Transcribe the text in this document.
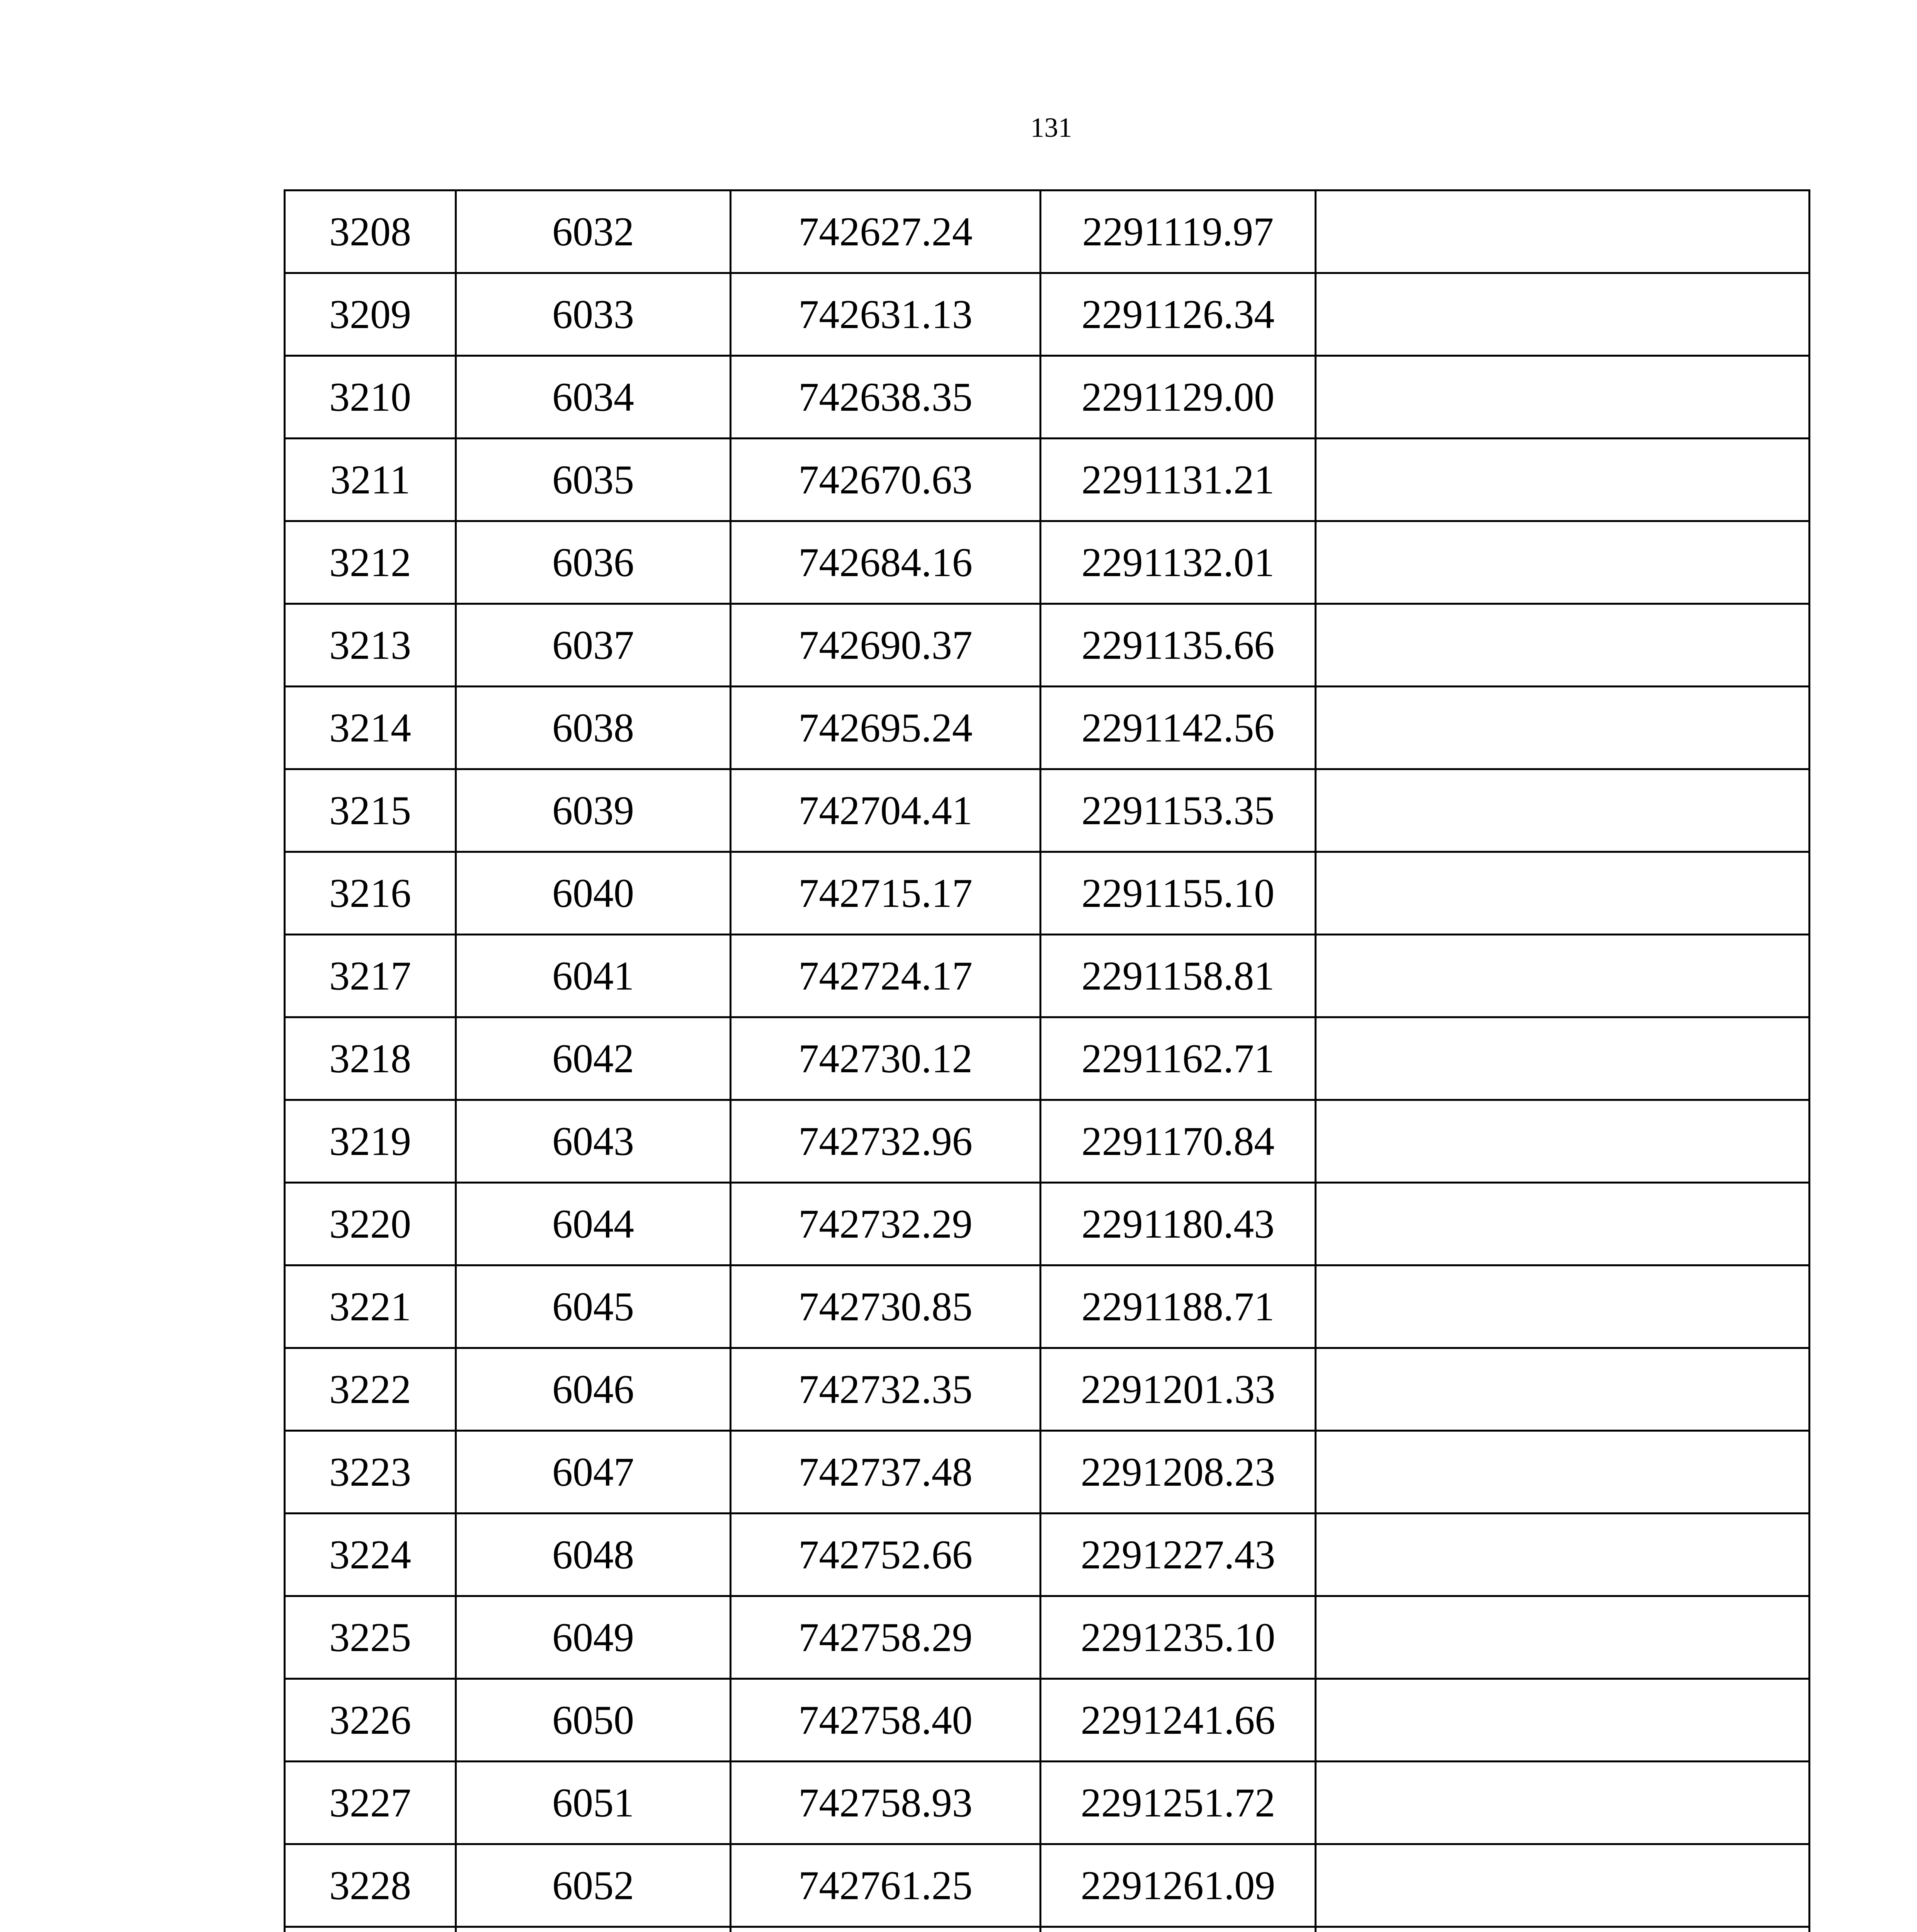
131
3208	6032	742627.24	2291119.97	
3209	6033	742631.13	2291126.34	
3210	6034	742638.35	2291129.00	
3211	6035	742670.63	2291131.21	
3212	6036	742684.16	2291132.01	
3213	6037	742690.37	2291135.66	
3214	6038	742695.24	2291142.56	
3215	6039	742704.41	2291153.35	
3216	6040	742715.17	2291155.10	
3217	6041	742724.17	2291158.81	
3218	6042	742730.12	2291162.71	
3219	6043	742732.96	2291170.84	
3220	6044	742732.29	2291180.43	
3221	6045	742730.85	2291188.71	
3222	6046	742732.35	2291201.33	
3223	6047	742737.48	2291208.23	
3224	6048	742752.66	2291227.43	
3225	6049	742758.29	2291235.10	
3226	6050	742758.40	2291241.66	
3227	6051	742758.93	2291251.72	
3228	6052	742761.25	2291261.09	
